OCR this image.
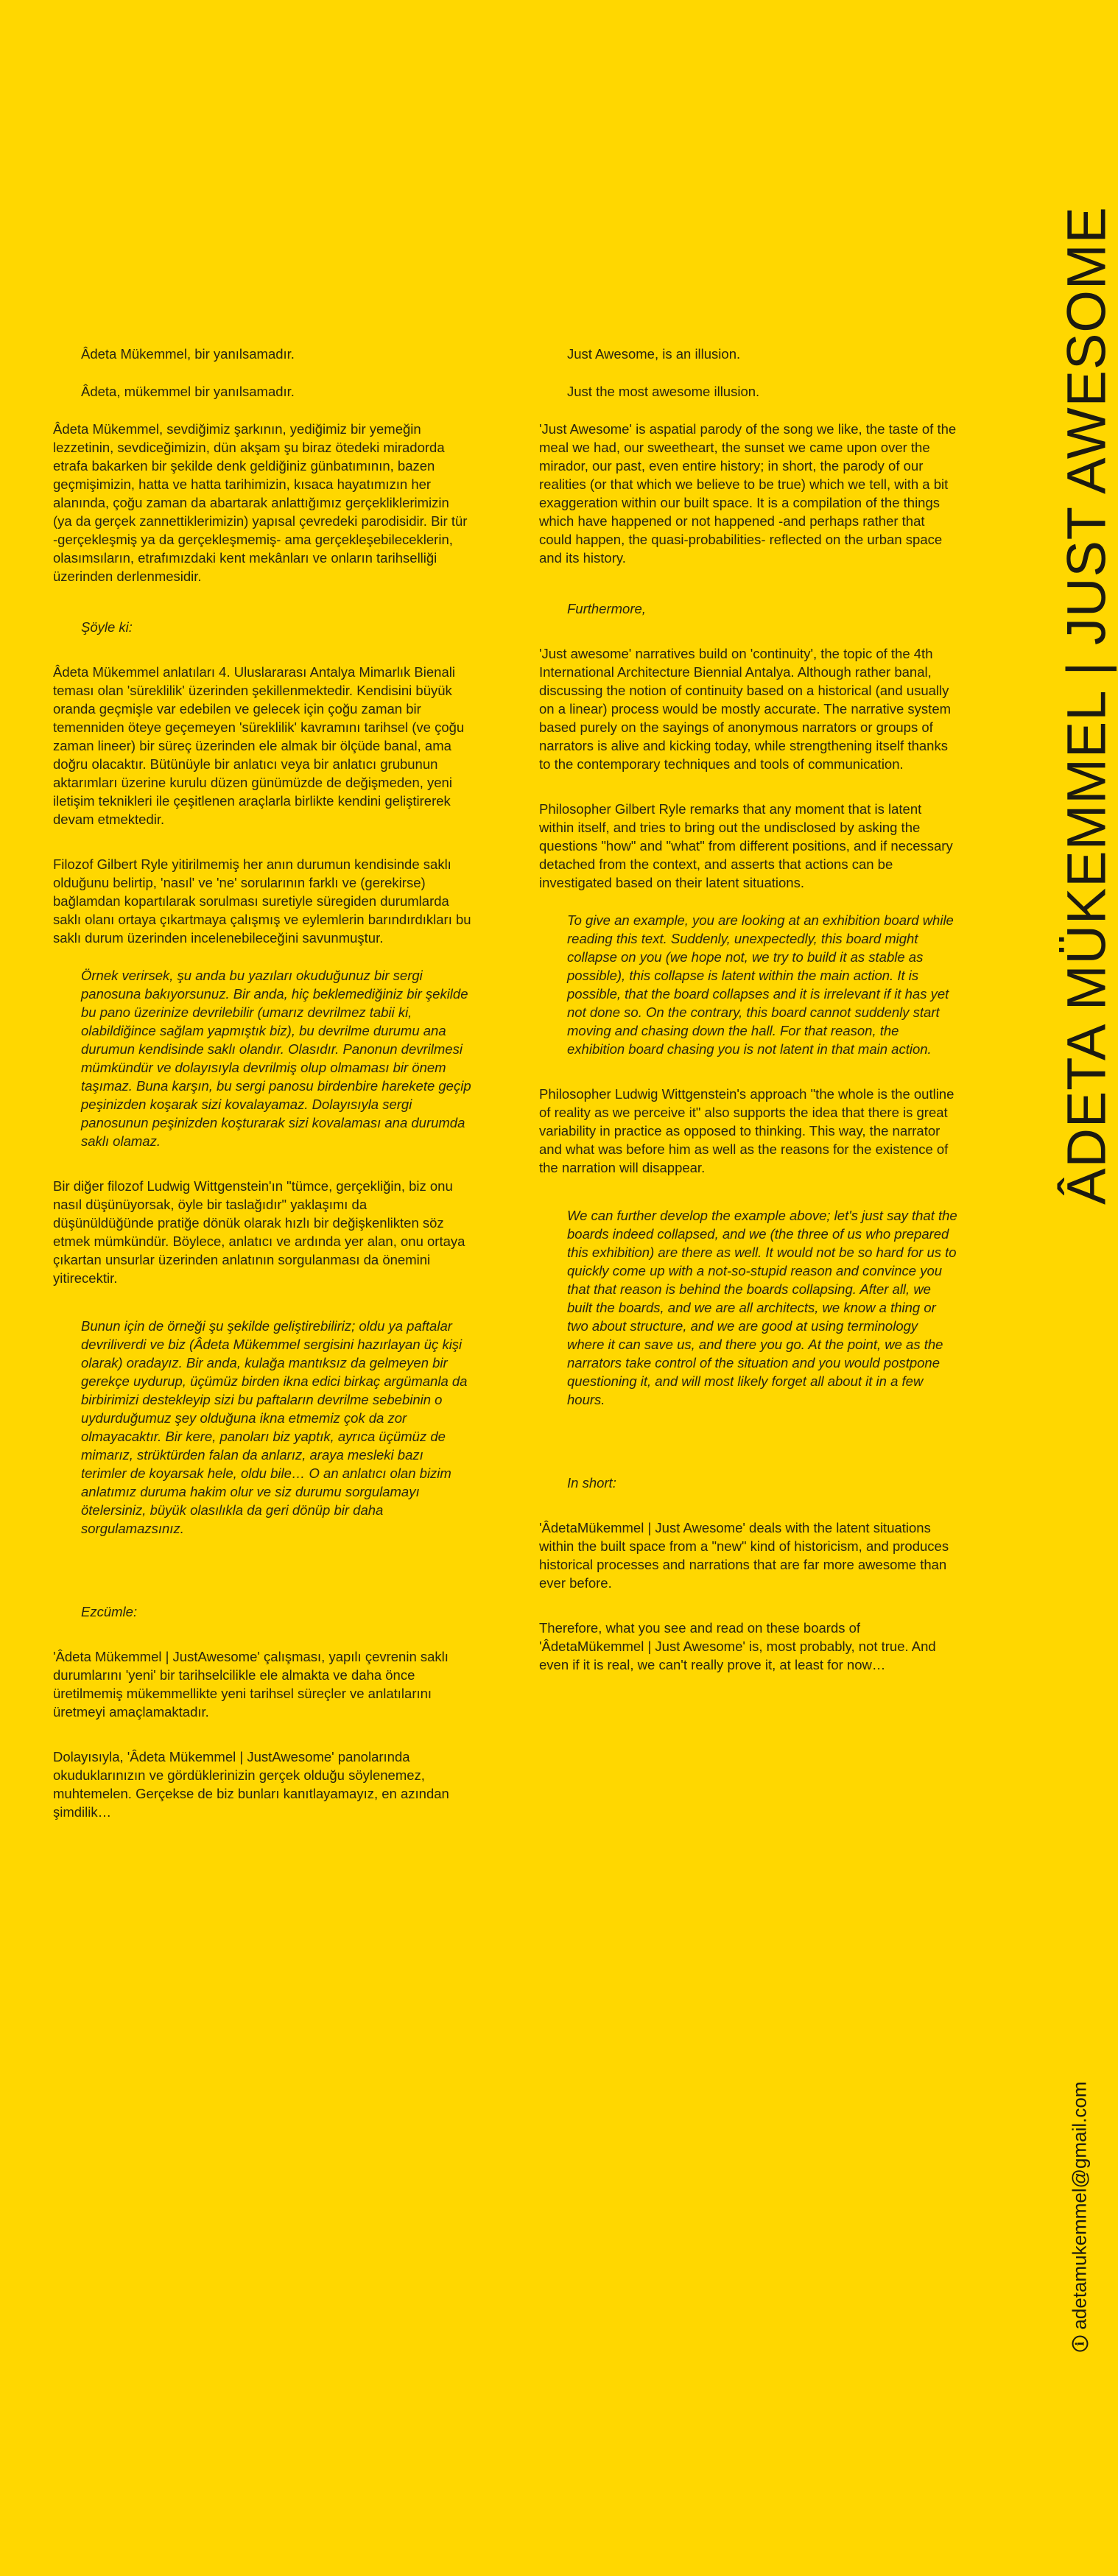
Âdeta Mükemmel, bir yanılsamadır.

Âdeta, mükemmel bir yanılsamadır.

Âdeta Mükemmel, sevdiğimiz şarkının, yediğimiz bir yemeğin lezzetinin, sevdiceğimizin, dün akşam şu biraz ötedeki miradorda etrafa bakarken bir şekilde denk geldiğiniz günbatımının, bazen geçmişimizin, hatta ve hatta tarihimizin, kısaca hayatımızın her alanında, çoğu zaman da abartarak anlattığımız gerçekliklerimizin (ya da gerçek zannettiklerimizin) yapısal çevredeki parodisidir. Bir tür -gerçekleşmiş ya da gerçekleşmemiş- ama gerçekleşebileceklerin, olasımsıların, etrafımızdaki kent mekânları ve onların tarihselliği üzerinden derlenmesidir.

Şöyle ki:

Âdeta Mükemmel anlatıları 4. Uluslararası Antalya Mimarlık Bienali teması olan 'süreklilik' üzerinden şekillenmektedir. Kendisini büyük oranda geçmişle var edebilen ve gelecek için çoğu zaman bir temenniden öteye geçemeyen 'süreklilik' kavramını tarihsel (ve çoğu zaman lineer) bir süreç üzerinden ele almak bir ölçüde banal, ama doğru olacaktır. Bütünüyle bir anlatıcı veya bir anlatıcı grubunun aktarımları üzerine kurulu düzen günümüzde de değişmeden, yeni iletişim teknikleri ile çeşitlenen araçlarla birlikte kendini geliştirerek devam etmektedir.

Filozof Gilbert Ryle yitirilmemiş her anın durumun kendisinde saklı olduğunu belirtip, 'nasıl' ve 'ne' sorularının farklı ve (gerekirse) bağlamdan kopartılarak sorulması suretiyle süregiden durumlarda saklı olanı ortaya çıkartmaya çalışmış ve eylemlerin barındırdıkları bu saklı durum üzerinden incelenebileceğini savunmuştur.

Örnek verirsek, şu anda bu yazıları okuduğunuz bir sergi panosuna bakıyorsunuz. Bir anda, hiç beklemediğiniz bir şekilde bu pano üzerinize devrilebilir (umarız devrilmez tabii ki, olabildiğince sağlam yapmıştık biz), bu devrilme durumu ana durumun kendisinde saklı olandır. Olasıdır. Panonun devrilmesi mümkündür ve dolayısıyla devrilmiş olup olmaması bir önem taşımaz. Buna karşın, bu sergi panosu birdenbire harekete geçip peşinizden koşarak sizi kovalayamaz. Dolayısıyla sergi panosunun peşinizden koşturarak sizi kovalaması ana durumda saklı olamaz.

Bir diğer filozof Ludwig Wittgenstein'ın "tümce, gerçekliğin, biz onu nasıl düşünüyorsak, öyle bir taslağıdır" yaklaşımı da düşünüldüğünde pratiğe dönük olarak hızlı bir değişkenlikten söz etmek mümkündür. Böylece, anlatıcı ve ardında yer alan, onu ortaya çıkartan unsurlar üzerinden anlatının sorgulanması da önemini yitirecektir.

Bunun için de örneği şu şekilde geliştirebiliriz; oldu ya paftalar devriliverdi ve biz (Âdeta Mükemmel sergisini hazırlayan üç kişi olarak) oradayız. Bir anda, kulağa mantıksız da gelmeyen bir gerekçe uydurup, üçümüz birden ikna edici birkaç argümanla da birbirimizi destekleyip sizi bu paftaların devrilme sebebinin o uydurduğumuz şey olduğuna ikna etmemiz çok da zor olmayacaktır. Bir kere, panoları biz yaptık, ayrıca üçümüz de mimarız, strüktürden falan da anlarız, araya mesleki bazı terimler de koyarsak hele, oldu bile… O an anlatıcı olan bizim anlatımız duruma hakim olur ve siz durumu sorgulamayı ötelersiniz, büyük olasılıkla da geri dönüp bir daha sorgulamazsınız.

Ezcümle:

'Âdeta Mükemmel | JustAwesome' çalışması, yapılı çevrenin saklı durumlarını 'yeni' bir tarihselcilikle ele almakta ve daha önce üretilmemiş mükemmellikte yeni tarihsel süreçler ve anlatılarını üretmeyi amaçlamaktadır.

Dolayısıyla, 'Âdeta Mükemmel | JustAwesome' panolarında okuduklarınızın ve gördüklerinizin gerçek olduğu söylenemez, muhtemelen. Gerçekse de biz bunları kanıtlayamayız, en azından şimdilik…

Just Awesome, is an illusion.

Just the most awesome illusion.

'Just Awesome' is aspatial parody of the song we like, the taste of the meal we had, our sweetheart, the sunset we came upon over the mirador, our past, even entire history; in short, the parody of our realities (or that which we believe to be true) which we tell, with a bit exaggeration within our built space. It is a compilation of the things which have happened or not happened -and perhaps rather that could happen, the quasi-probabilities- reflected on the urban space and its history.

Furthermore,

'Just awesome' narratives build on 'continuity', the topic of the 4th International Architecture Biennial Antalya. Although rather banal, discussing the notion of continuity based on a historical (and usually on a linear) process would be mostly accurate. The narrative system based purely on the sayings of anonymous narrators or groups of narrators is alive and kicking today, while strengthening itself thanks to the contemporary techniques and tools of communication.

Philosopher Gilbert Ryle remarks that any moment that is latent within itself, and tries to bring out the undisclosed by asking the questions "how" and "what" from different positions, and if necessary detached from the context, and asserts that actions can be investigated based on their latent situations.

To give an example, you are looking at an exhibition board while reading this text. Suddenly, unexpectedly, this board might collapse on you (we hope not, we try to build it as stable as possible), this collapse is latent within the main action. It is possible, that the board collapses and it is irrelevant if it has yet not done so. On the contrary, this board cannot suddenly start moving and chasing down the hall. For that reason, the exhibition board chasing you is not latent in that main action.

Philosopher Ludwig Wittgenstein's approach "the whole is the outline of reality as we perceive it" also supports the idea that there is great variability in practice as opposed to thinking. This way, the narrator and what was before him as well as the reasons for the existence of the narration will disappear.

We can further develop the example above; let's just say that the boards indeed collapsed, and we (the three of us who prepared this exhibition) are there as well. It would not be so hard for us to quickly come up with a not-so-stupid reason and convince you that that reason is behind the boards collapsing. After all, we built the boards, and we are all architects, we know a thing or two about structure, and we are good at using terminology where it can save us, and there you go. At the point, we as the narrators take control of the situation and you would postpone questioning it, and will most likely forget all about it in a few hours.

In short:

'ÂdetaMükemmel | Just Awesome' deals with the latent situations within the built space from a "new" kind of historicism, and produces historical processes and narrations that are far more awesome than ever before.

Therefore, what you see and read on these boards of 'ÂdetaMükemmel | Just Awesome' is, most probably, not true. And even if it is real, we can't really prove it, at least for now…

ÂDETA MÜKEMMEL | JUST AWESOME
i
adetamukemmel@gmail.com
